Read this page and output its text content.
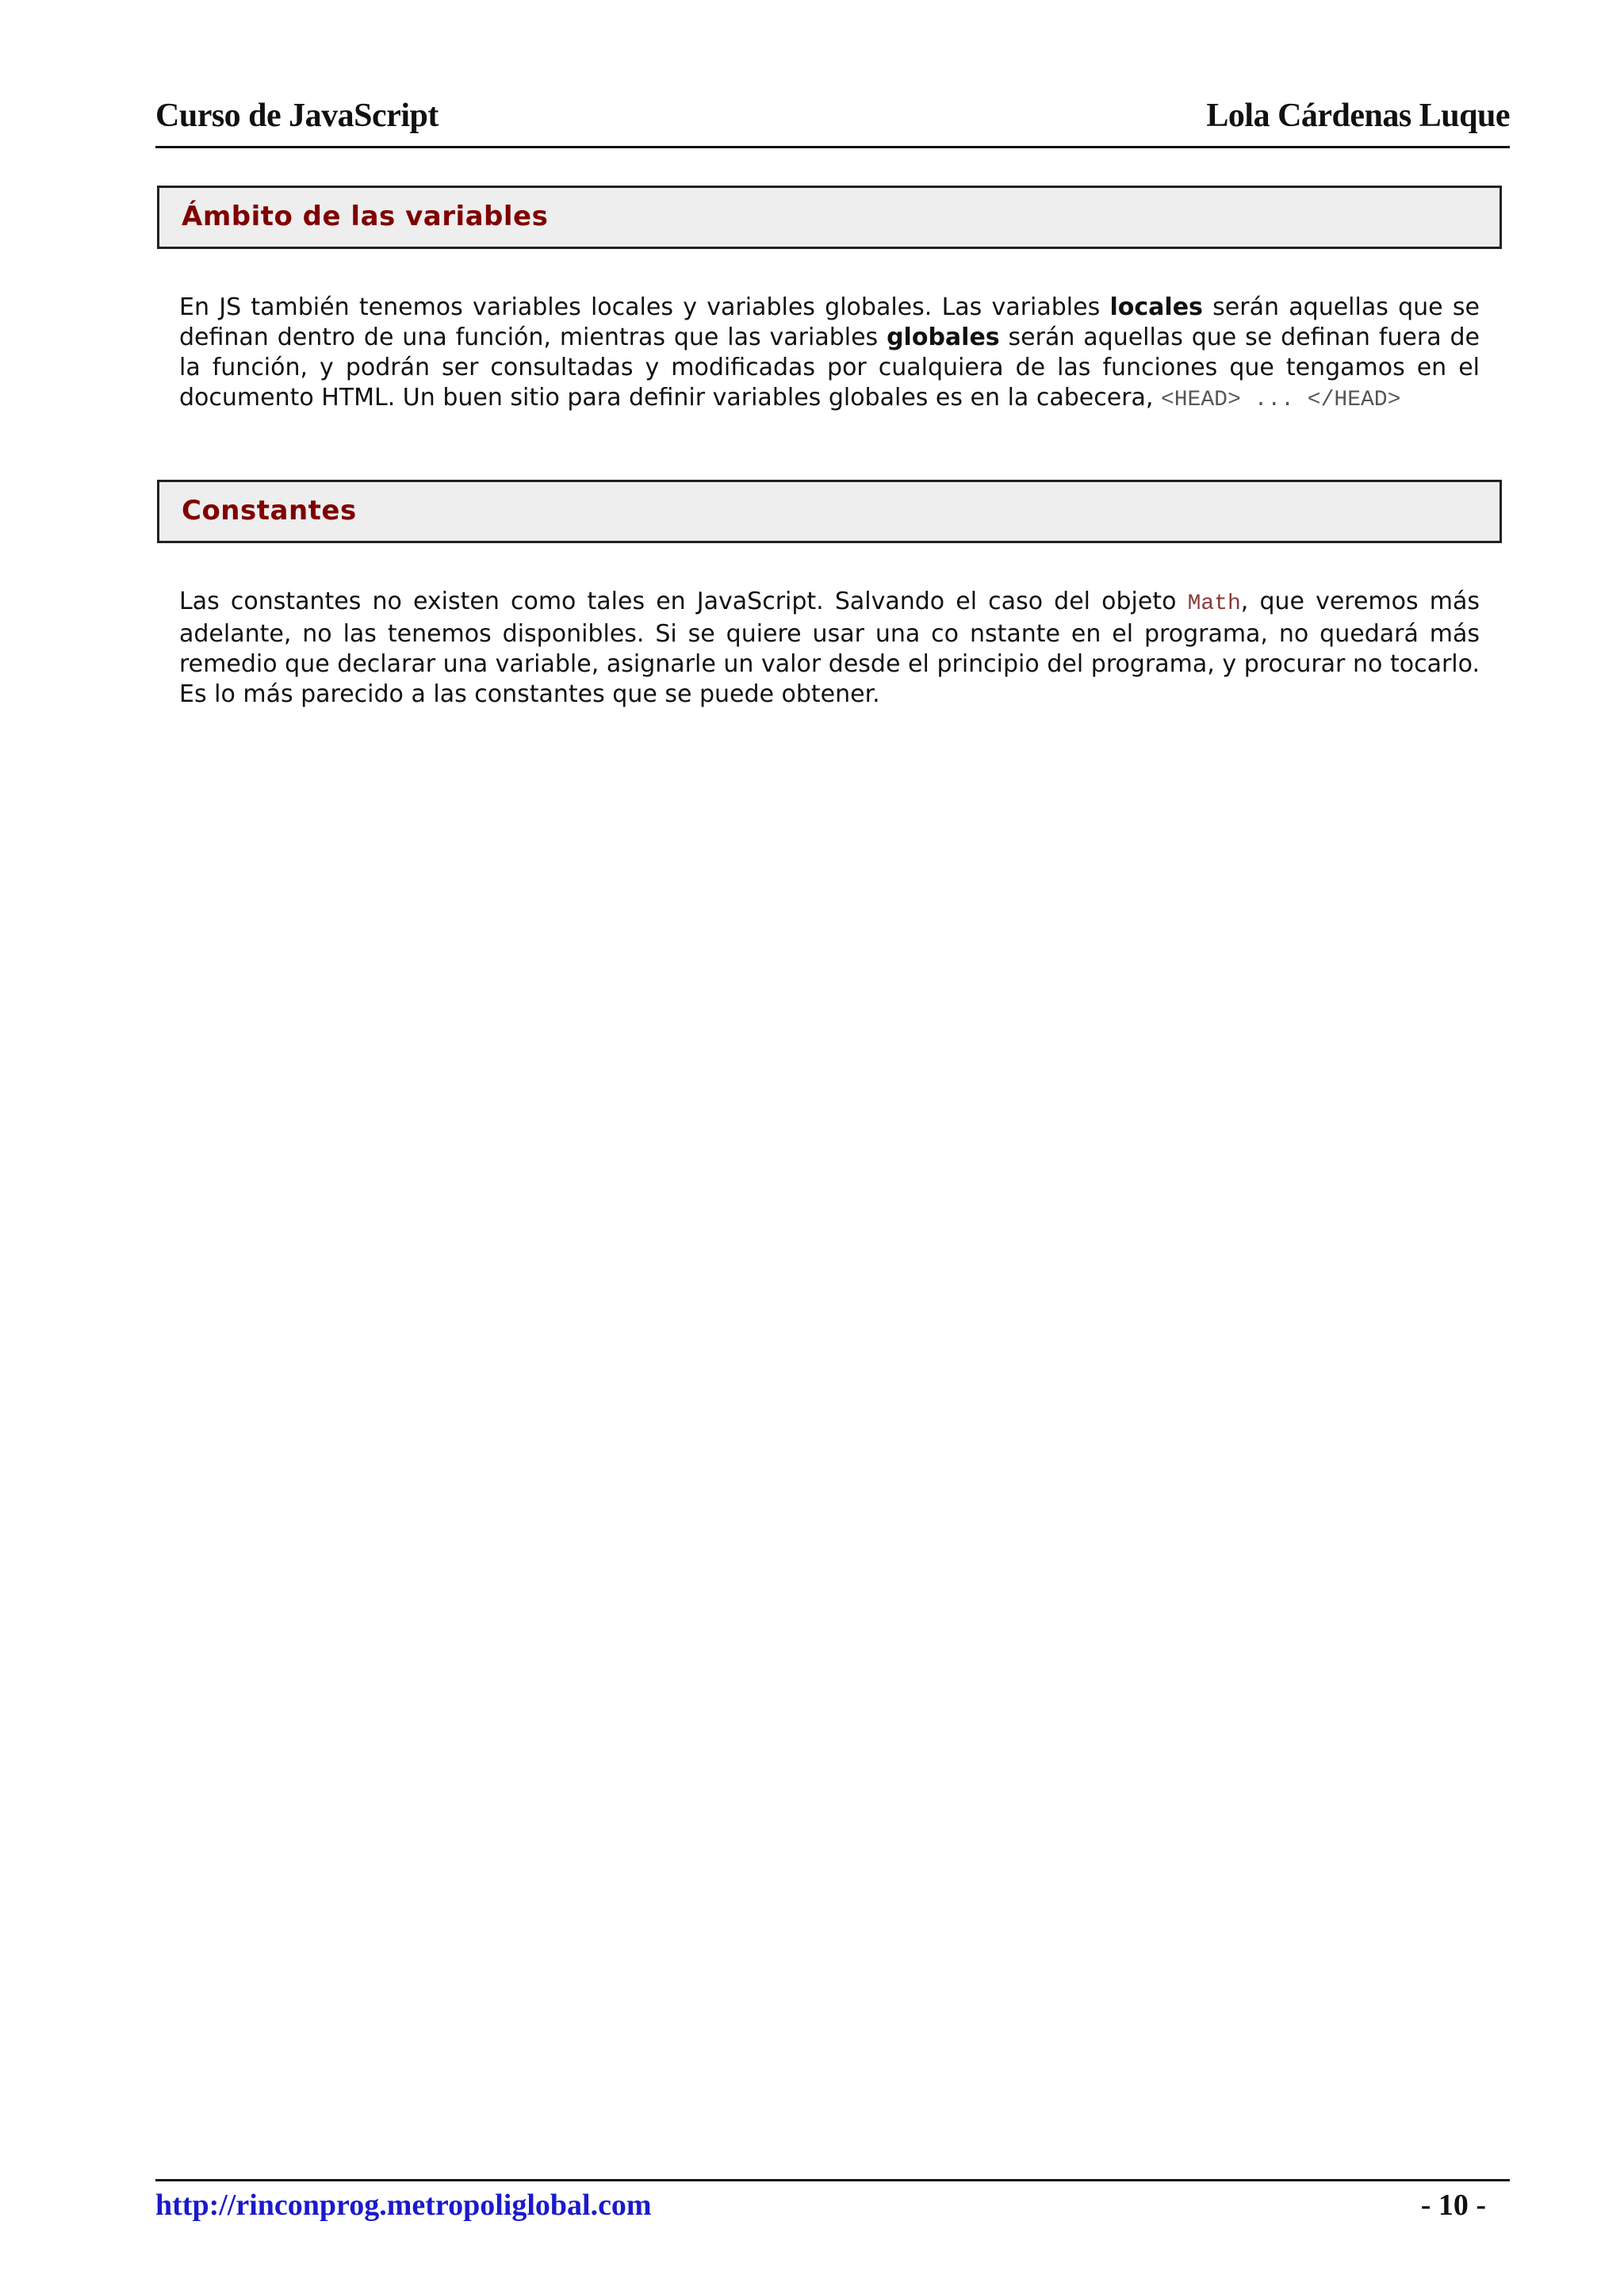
Curso de JavaScript	Lola Cárdenas Luque
Ámbito de las variables
En JS también tenemos variables locales y variables globales. Las variables locales serán aquellas que se definan dentro de una función, mientras que las variables globales serán aquellas que se definan fuera de la función, y podrán ser consultadas y modificadas por cualquiera de las funciones que tengamos en el documento HTML. Un buen sitio para definir variables globales es en la cabecera, <HEAD> ... </HEAD>
Constantes
Las constantes no existen como tales en JavaScript. Salvando el caso del objeto Math, que veremos más adelante, no las tenemos disponibles. Si se quiere usar una co nstante en el programa, no quedará más remedio que declarar una variable, asignarle un valor desde el principio del programa, y procurar no tocarlo. Es lo más parecido a las constantes que se puede obtener.
http://rinconprog.metropoliglobal.com	- 10 -
